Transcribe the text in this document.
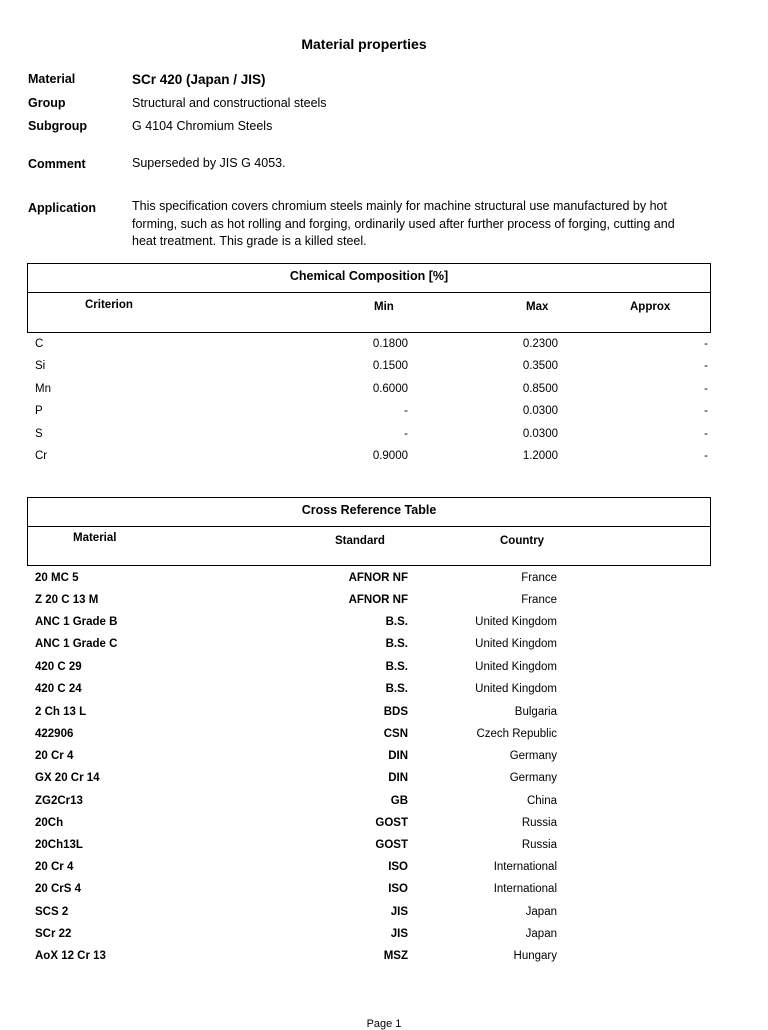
Material properties
Material	SCr 420 (Japan / JIS)
Group	Structural and constructional steels
Subgroup	G 4104 Chromium Steels
Comment	Superseded by JIS G 4053.
Application	This specification covers chromium steels mainly for machine structural use manufactured by hot forming, such as hot rolling and forging, ordinarily used after further process of forging, cutting and heat treatment. This grade is a killed steel.
Chemical Composition [%]
Criterion	Min	Max	Approx
C	0.1800	0.2300	-
Si	0.1500	0.3500	-
Mn	0.6000	0.8500	-
P	-	0.0300	-
S	-	0.0300	-
Cr	0.9000	1.2000	-
Cross Reference Table
Material	Standard	Country
20 MC 5	AFNOR NF	France
Z 20 C 13 M	AFNOR NF	France
ANC 1 Grade B	B.S.	United Kingdom
ANC 1 Grade C	B.S.	United Kingdom
420 C 29	B.S.	United Kingdom
420 C 24	B.S.	United Kingdom
2 Ch 13 L	BDS	Bulgaria
422906	CSN	Czech Republic
20 Cr 4	DIN	Germany
GX 20 Cr 14	DIN	Germany
ZG2Cr13	GB	China
20Ch	GOST	Russia
20Ch13L	GOST	Russia
20 Cr 4	ISO	International
20 CrS 4	ISO	International
SCS 2	JIS	Japan
SCr 22	JIS	Japan
AoX 12 Cr 13	MSZ	Hungary
Page 1
